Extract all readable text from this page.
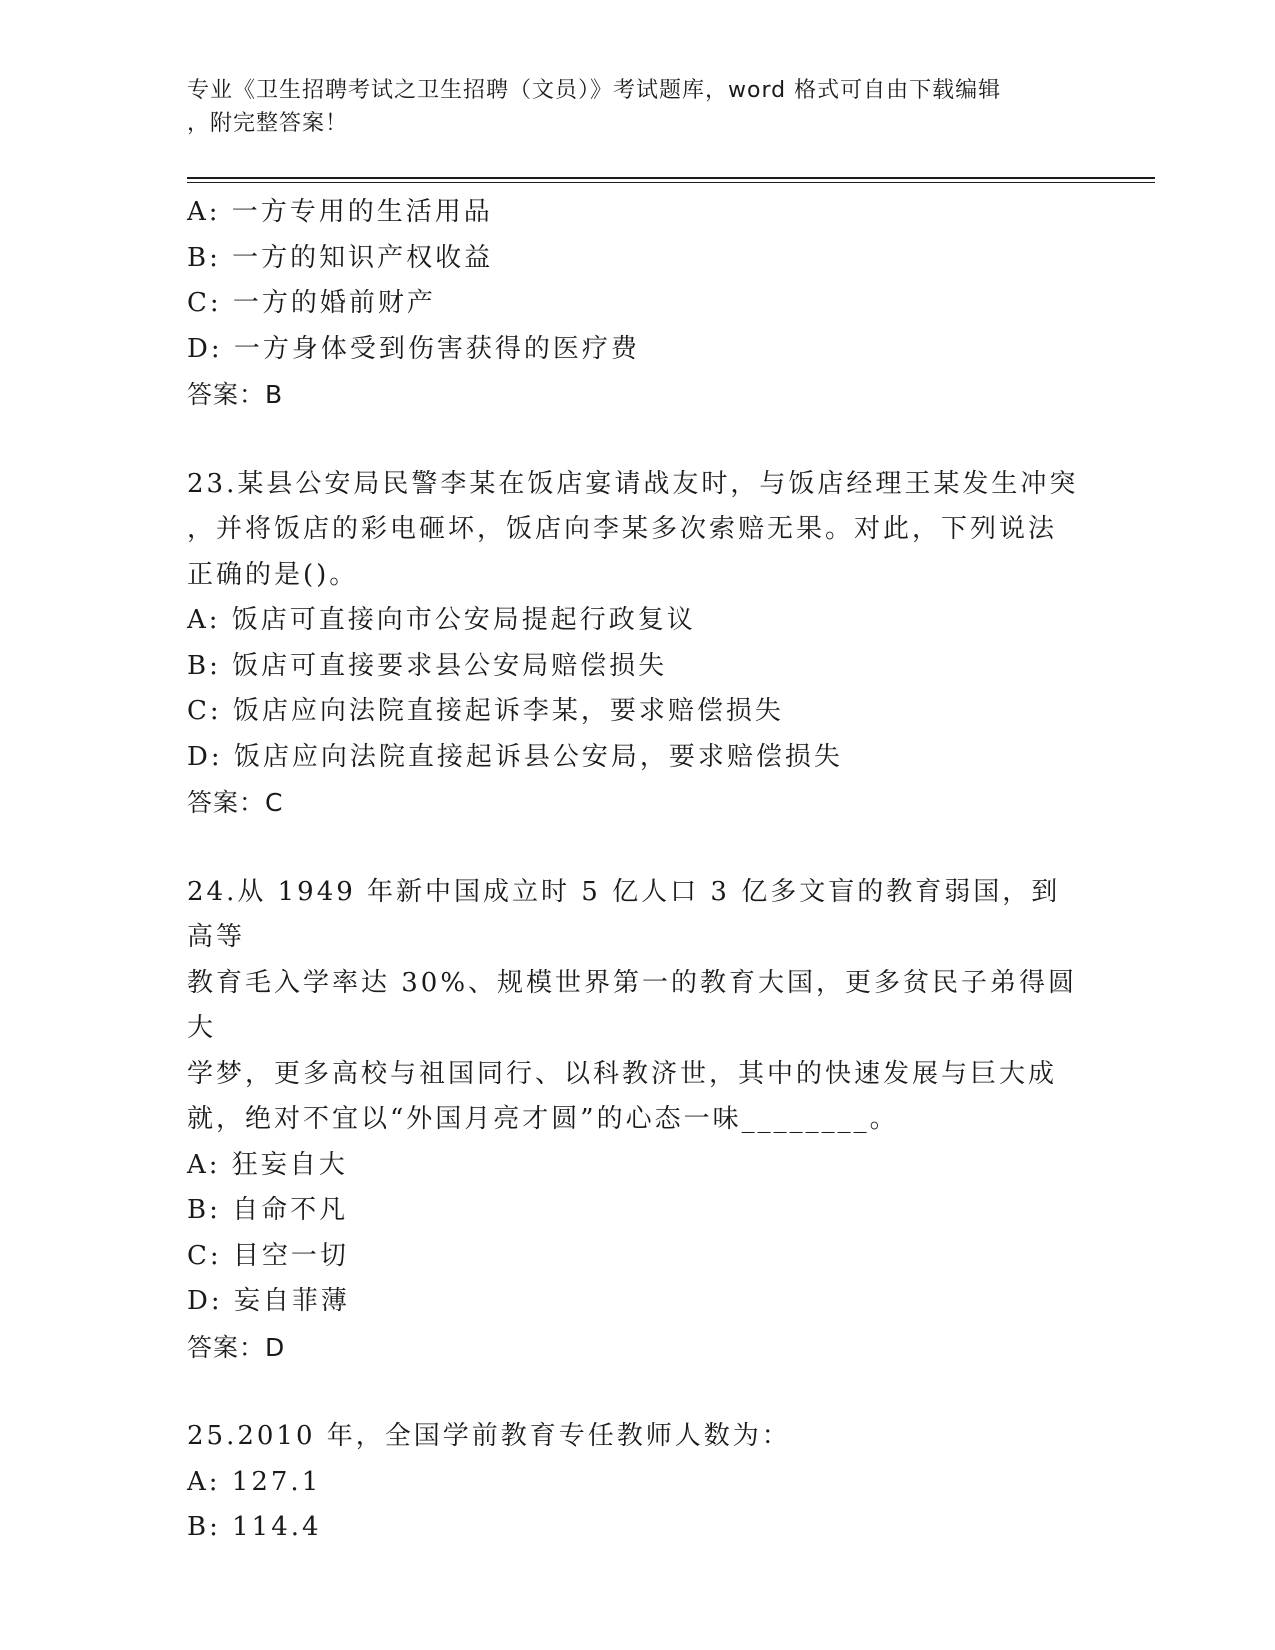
专业《卫生招聘考试之卫生招聘（文员）》考试题库，word 格式可自由下载编辑
，附完整答案！
A: 一方专用的生活用品
B: 一方的知识产权收益
C: 一方的婚前财产
D: 一方身体受到伤害获得的医疗费
答案：B
23.某县公安局民警李某在饭店宴请战友时，与饭店经理王某发生冲突
，并将饭店的彩电砸坏，饭店向李某多次索赔无果。对此，下列说法
正确的是()。
A: 饭店可直接向市公安局提起行政复议
B: 饭店可直接要求县公安局赔偿损失
C: 饭店应向法院直接起诉李某，要求赔偿损失
D: 饭店应向法院直接起诉县公安局，要求赔偿损失
答案：C
24.从 1949 年新中国成立时 5 亿人口 3 亿多文盲的教育弱国，到高等
教育毛入学率达 30%、规模世界第一的教育大国，更多贫民子弟得圆大
学梦，更多高校与祖国同行、以科教济世，其中的快速发展与巨大成
就，绝对不宜以“外国月亮才圆”的心态一味________。
A: 狂妄自大
B: 自命不凡
C: 目空一切
D: 妄自菲薄
答案：D
25.2010 年，全国学前教育专任教师人数为：
A: 127.1
B: 114.4
